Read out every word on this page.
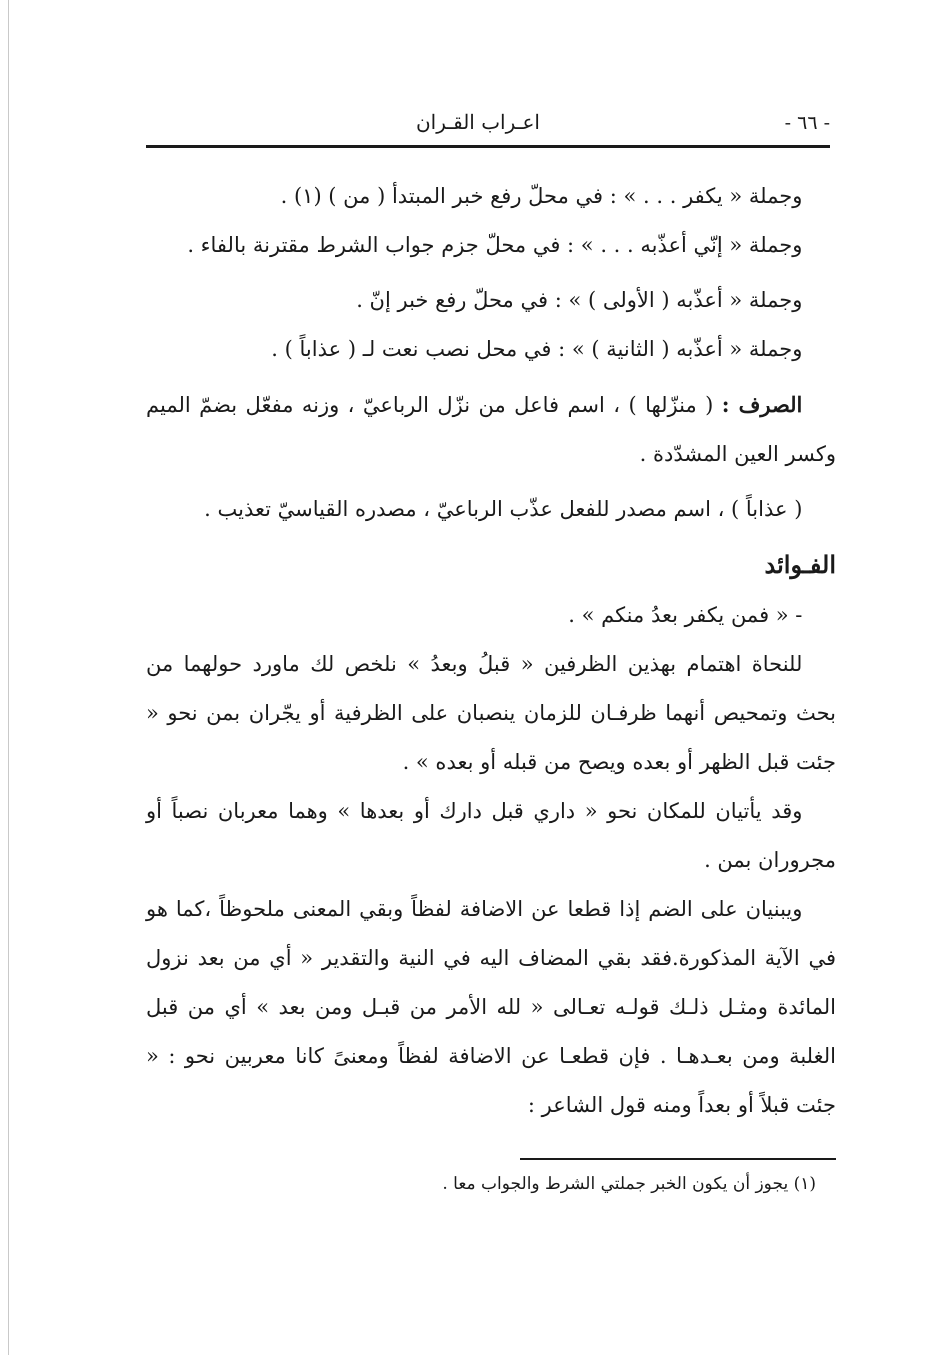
- ٦٦ -
اعـراب القـران

وجملة « يكفر . . . » : في محلّ رفع خبر المبتدأ ( من ) (١) .

وجملة « إنّي أعذّبه . . . » : في محلّ جزم جواب الشرط مقترنة بالفاء .

وجملة « أعذّبه ( الأولى ) » : في محلّ رفع خبر إنّ .

وجملة « أعذّبه ( الثانية ) » : في محل نصب نعت لـ ( عذاباً ) .

الصرف : ( منزّلها ) ، اسم فاعل من نزّل الرباعيّ ، وزنه مفعّل بضمّ الميم وكسر العين المشدّدة .

( عذاباً ) ، اسم مصدر للفعل عذّب الرباعيّ ، مصدره القياسيّ تعذيب .

الفـوائد

- « فمن يكفر بعدُ منكم » .

للنحاة اهتمام بهذين الظرفين « قبلُ وبعدُ » نلخص لك ماورد حولهما من بحث وتمحيص أنهما ظرفـان للزمان ينصبان على الظرفية أو يجّران بمن نحو « جئت قبل الظهر أو بعده ويصح من قبله أو بعده » .

وقد يأتيان للمكان نحو « داري قبل دارك أو بعدها » وهما معربان نصباً أو مجروران بمن .

ويبنيان على الضم إذا قطعا عن الاضافة لفظاً وبقي المعنى ملحوظاً ،كما هو في الآية المذكورة.فقد بقي المضاف اليه في النية والتقدير « أي من بعد نزول المائدة ومثـل ذلـك قولـه تعـالى « لله الأمر من قبـل ومن بعد » أي من قبل الغلبة ومن بعـدهـا . فإن قطعـا عن الاضافة لفظاً ومعنىً كانا معربين نحو : « جئت قبلاً أو بعداً ومنه قول الشاعر :

(١) يجوز أن يكون الخبر جملتي الشرط والجواب معا .
